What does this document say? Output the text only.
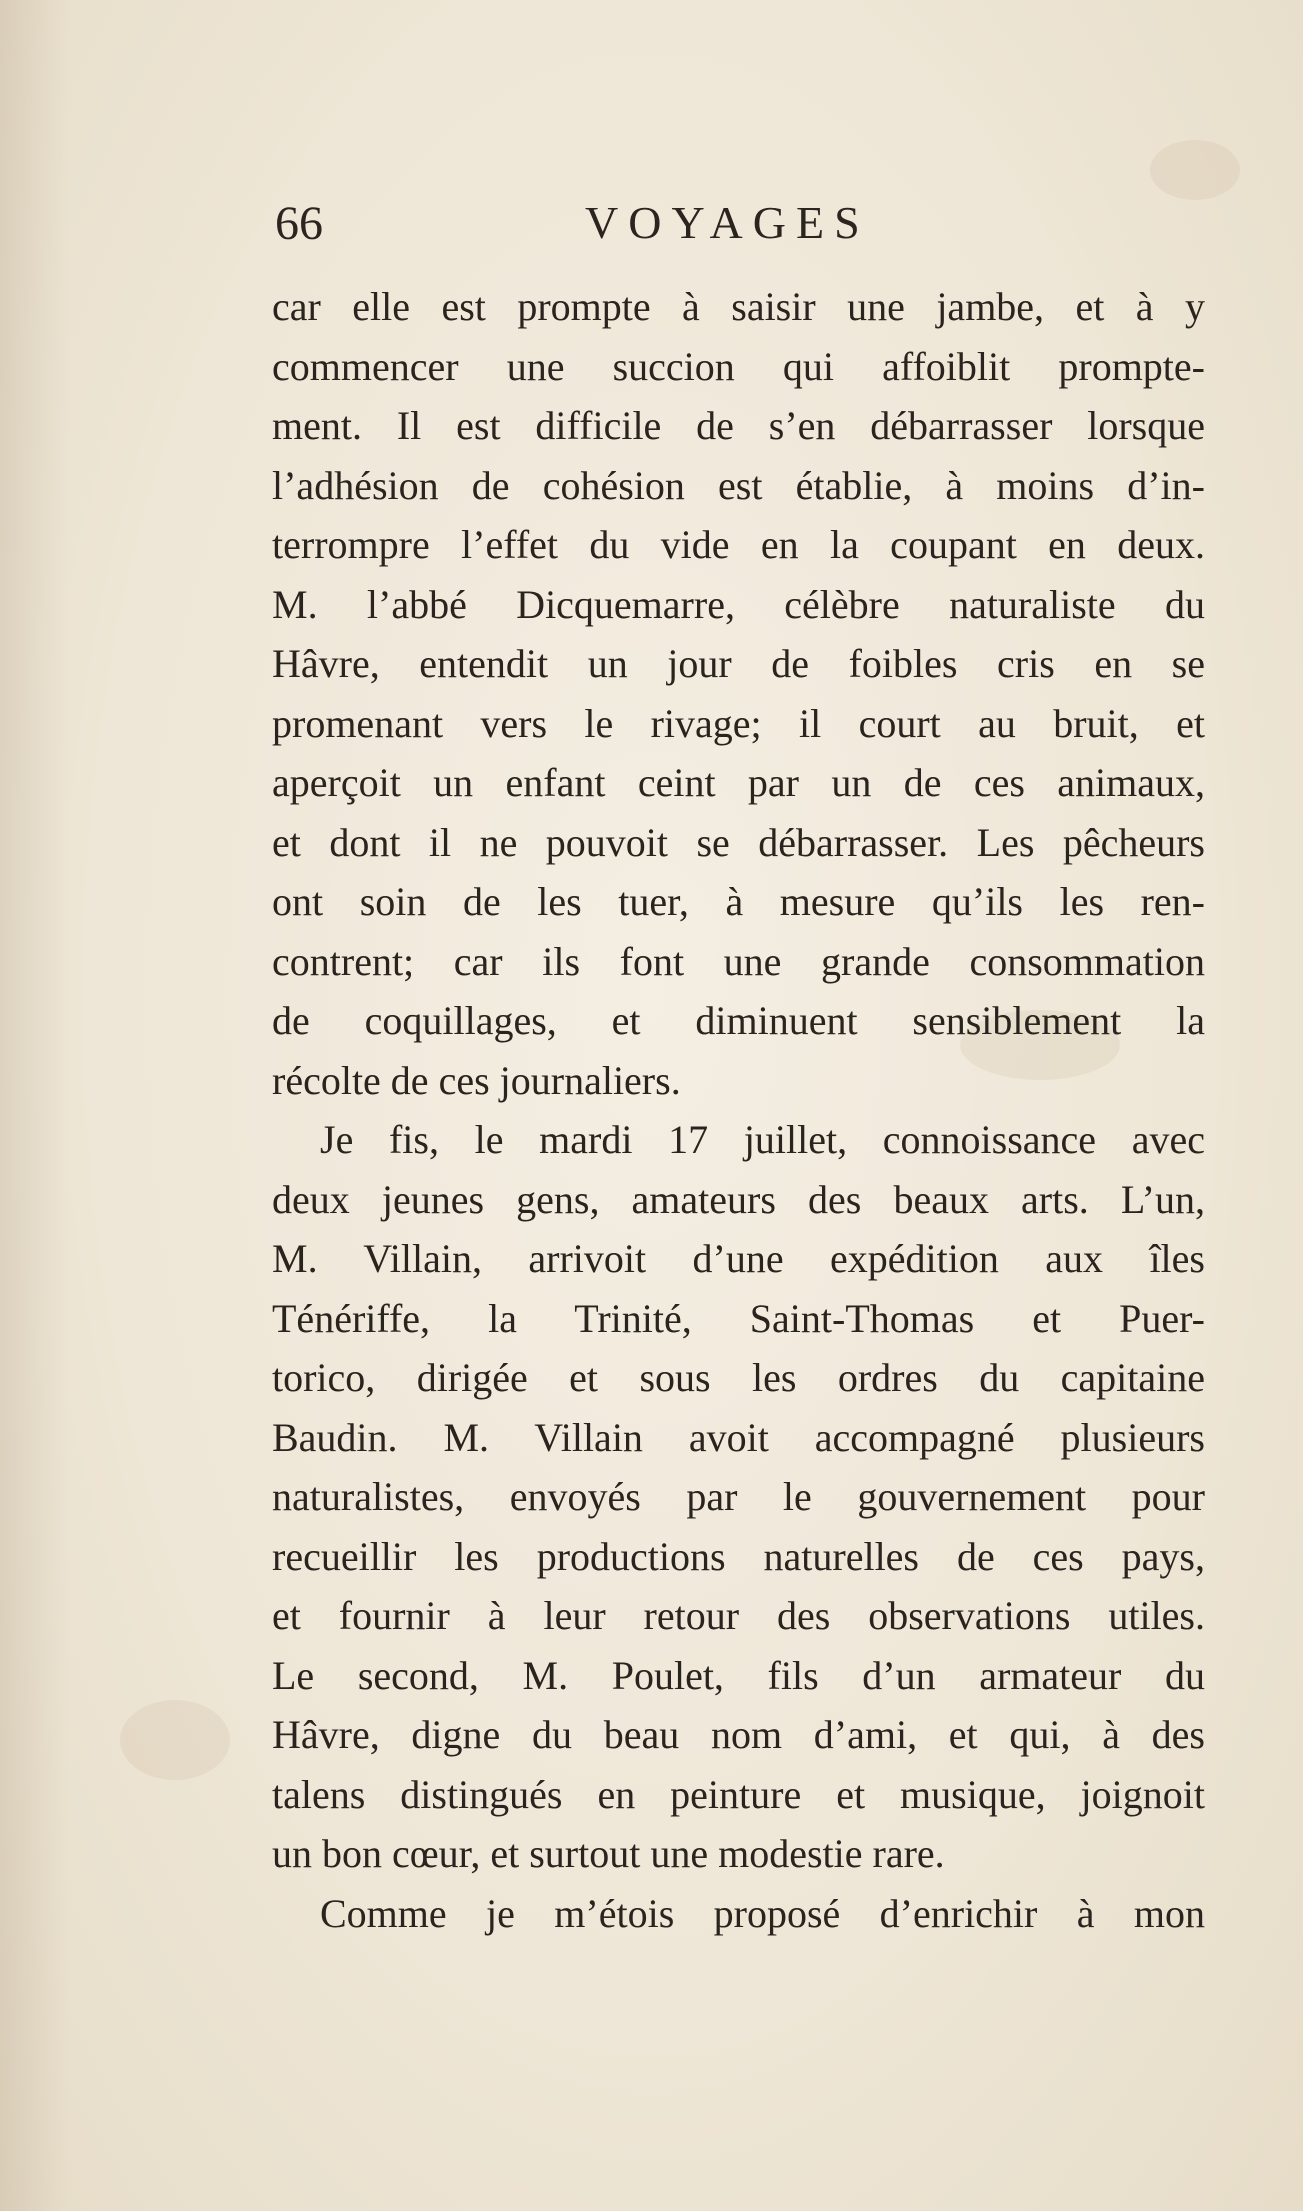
66	VOYAGES
car elle est prompte à saisir une jambe, et à y
commencer une succion qui affoiblit prompte-
ment. Il est difficile de s’en débarrasser lorsque
l’adhésion de cohésion est établie, à moins d’in-
terrompre l’effet du vide en la coupant en deux.
M. l’abbé Dicquemarre, célèbre naturaliste du
Hâvre, entendit un jour de foibles cris en se
promenant vers le rivage; il court au bruit, et
aperçoit un enfant ceint par un de ces animaux,
et dont il ne pouvoit se débarrasser. Les pêcheurs
ont soin de les tuer, à mesure qu’ils les ren-
contrent; car ils font une grande consommation
de coquillages, et diminuent sensiblement la
récolte de ces journaliers.
Je fis, le mardi 17 juillet, connoissance avec
deux jeunes gens, amateurs des beaux arts. L’un,
M. Villain, arrivoit d’une expédition aux îles
Ténériffe, la Trinité, Saint-Thomas et Puer-
torico, dirigée et sous les ordres du capitaine
Baudin. M. Villain avoit accompagné plusieurs
naturalistes, envoyés par le gouvernement pour
recueillir les productions naturelles de ces pays,
et fournir à leur retour des observations utiles.
Le second, M. Poulet, fils d’un armateur du
Hâvre, digne du beau nom d’ami, et qui, à des
talens distingués en peinture et musique, joignoit
un bon cœur, et surtout une modestie rare.
Comme je m’étois proposé d’enrichir à mon
